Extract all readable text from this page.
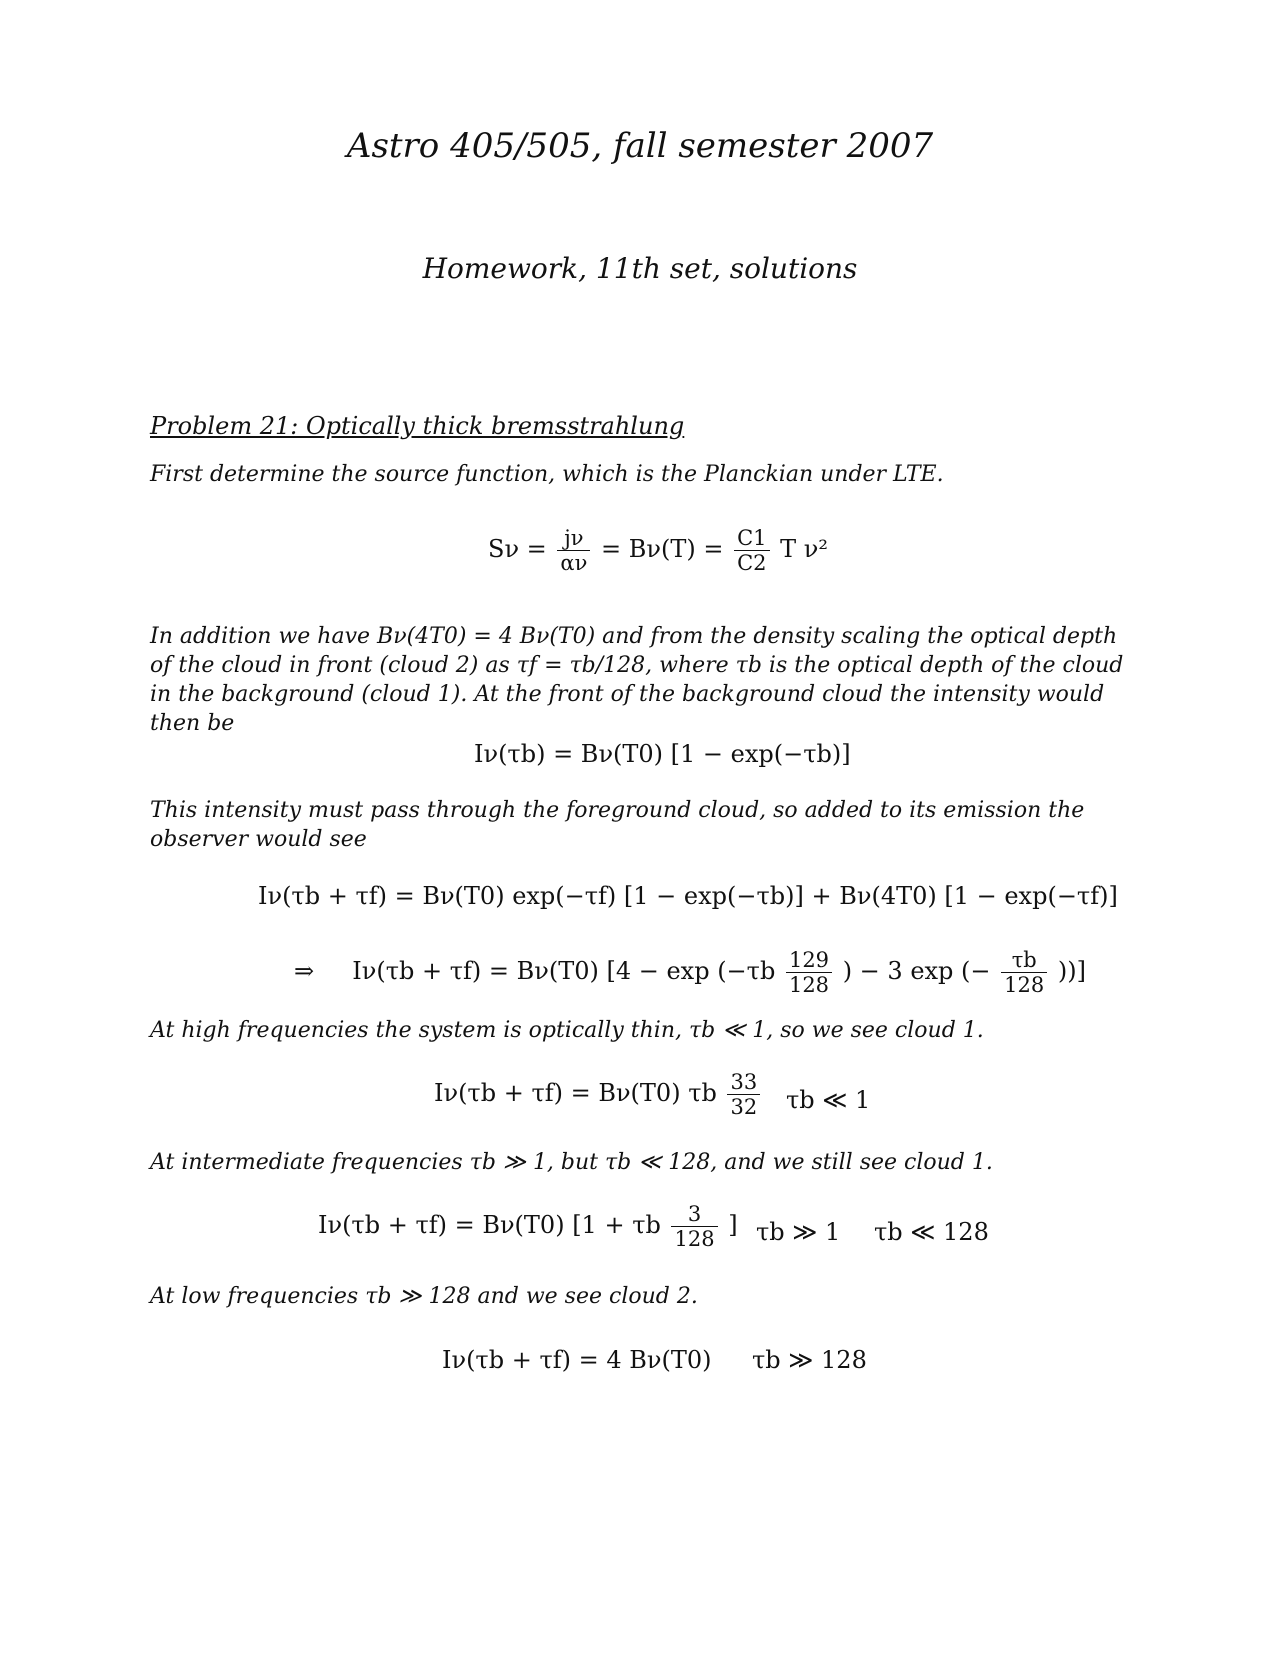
Astro 405/505, fall semester 2007
Homework, 11th set, solutions
Problem 21: Optically thick bremsstrahlung
First determine the source function, which is the Planckian under LTE.
$S\nu = \frac{j\nu}{\alpha\nu} = B\nu(T) = \frac{C1}{C2}$ T ν²
In addition we have Bν(4T0) = 4 Bν(T0) and from the density scaling the optical depth of the cloud in front (cloud 2) as τf = τb/128, where τb is the optical depth of the cloud in the background (cloud 1). At the front of the background cloud the intensity would then be
Iν(τb) = Bν(T0) [1 − exp(−τb)]
This intensity must pass through the foreground cloud, so added to its emission the observer would see
Iν(τb + τf) = Bν(T0) exp(−τf) [1 − exp(−τb)] + Bν(4T0) [1 − exp(−τf)]
⇒ Iν(τb + τf) = Bν(T0) [$4 - \exp (-\tau b \frac{129}{128}$ ) − 3 exp (− $\frac{\tau b}{128}$ ))]
At high frequencies the system is optically thin, τb ≪ 1, so we see cloud 1.
Iν(τb + τf) = Bν(T0) τb $\frac{33}{32}$ τb ≪ 1
At intermediate frequencies τb ≫ 1, but τb ≪ 128, and we still see cloud 1.
Iν(τb + τf) = Bν(T0) [1 + τb $\frac{3}{128}$ ] τb ≫ 1 τb ≪ 128
At low frequencies τb ≫ 128 and we see cloud 2.
Iν(τb + τf) = 4 Bν(T0) τb ≫ 128
